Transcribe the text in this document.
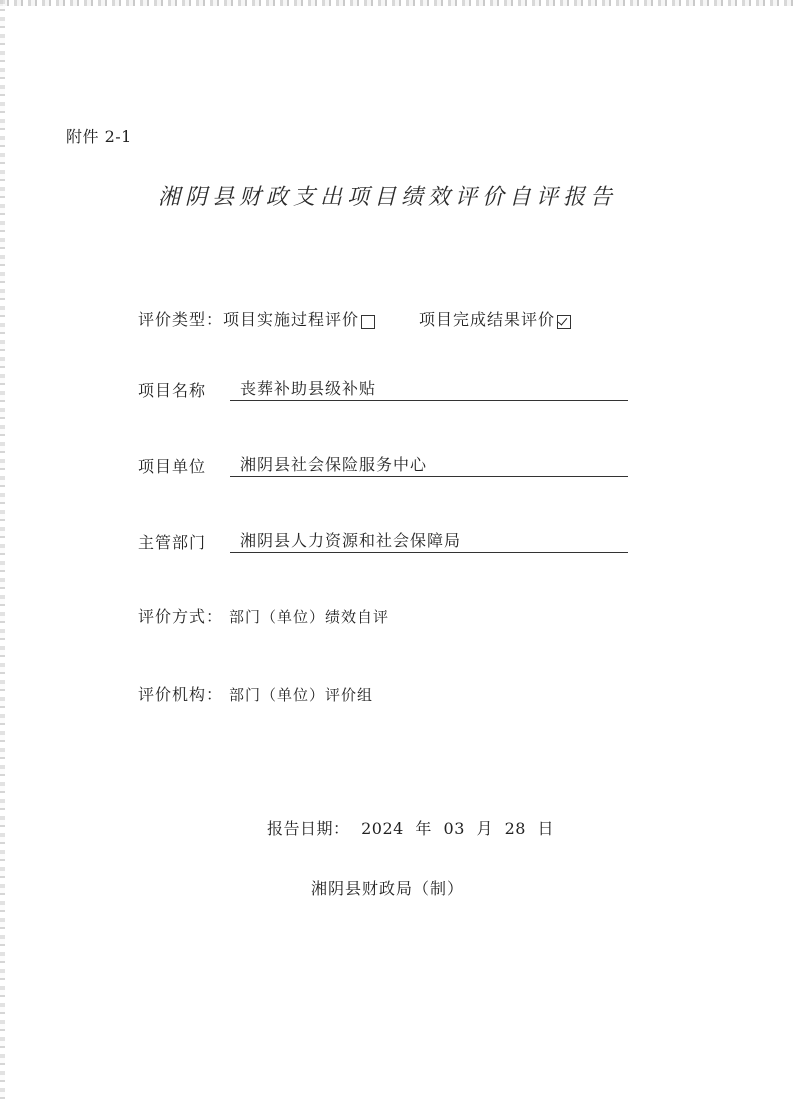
附件 2-1
湘阴县财政支出项目绩效评价自评报告
评价类型： 项目实施过程评价	项目完成结果评价
项目名称	丧葬补助县级补贴
项目单位	湘阴县社会保险服务中心
主管部门	湘阴县人力资源和社会保障局
评价方式： 部门（单位）绩效自评
评价机构： 部门（单位）评价组
报告日期： 2024 年 03 月 28 日
湘阴县财政局（制）
